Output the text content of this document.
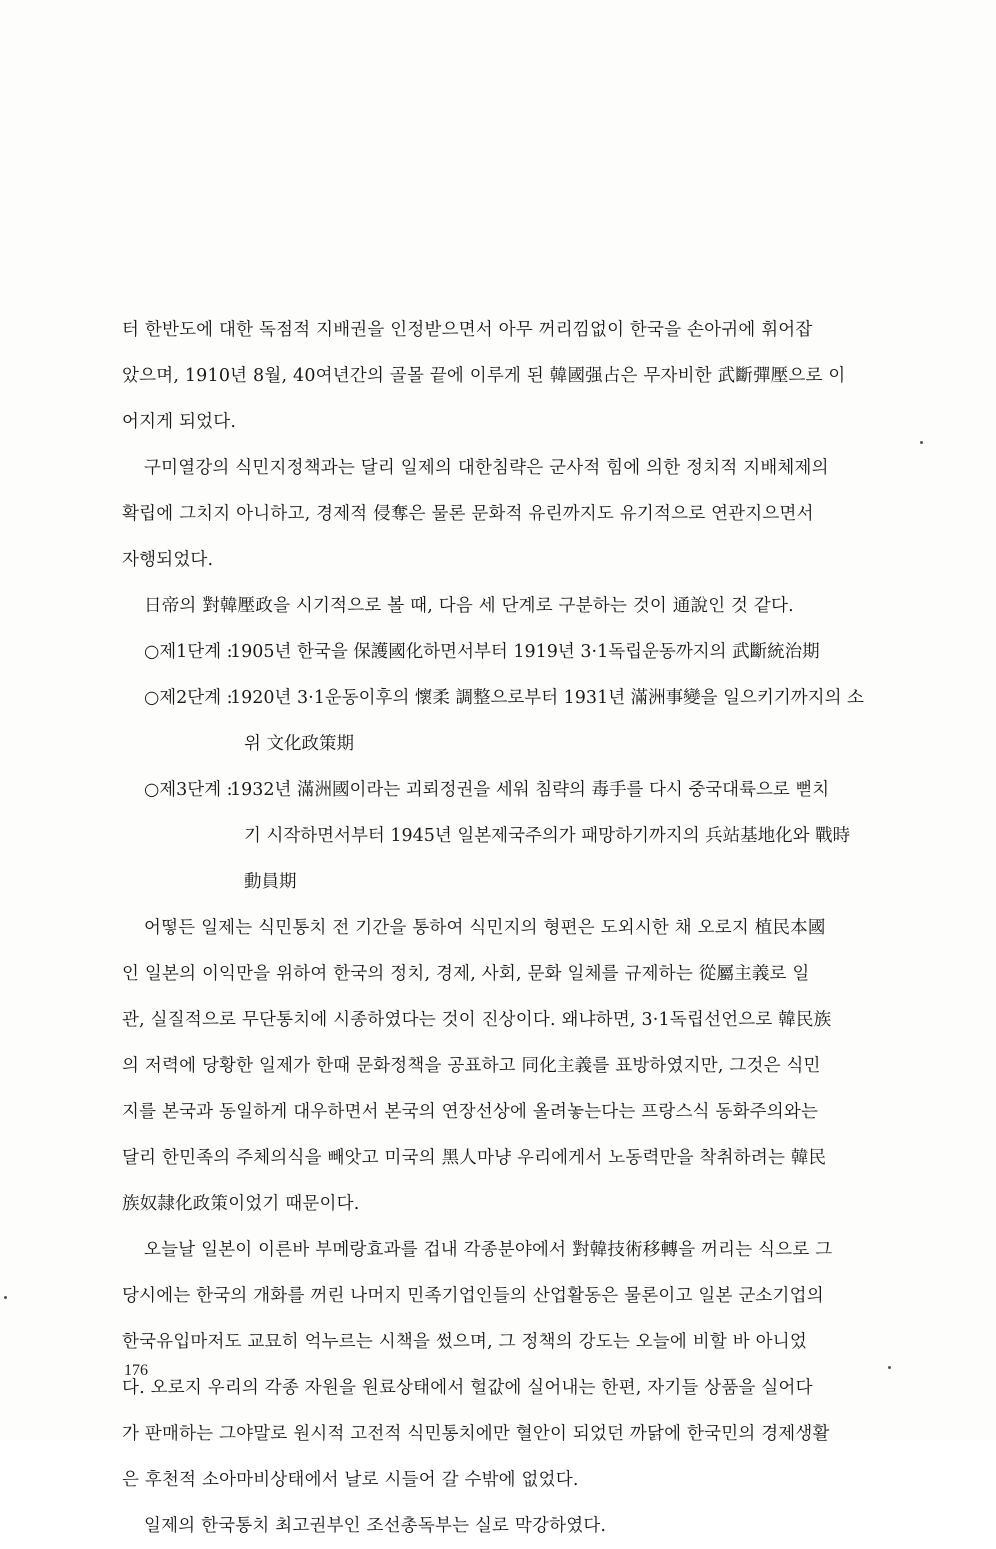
터 한반도에 대한 독점적 지배권을 인정받으면서 아무 꺼리낌없이 한국을 손아귀에 휘어잡
았으며, 1910년 8월, 40여년간의 골몰 끝에 이루게 된 韓國强占은 무자비한 武斷彈壓으로 이
어지게 되었다.
구미열강의 식민지정책과는 달리 일제의 대한침략은 군사적 힘에 의한 정치적 지배체제의
확립에 그치지 아니하고, 경제적 侵奪은 물론 문화적 유린까지도 유기적으로 연관지으면서
자행되었다.
日帝의 對韓壓政을 시기적으로 볼 때, 다음 세 단계로 구분하는 것이 通說인 것 같다.
○제1단계 :
1905년 한국을 保護國化하면서부터 1919년 3·1독립운동까지의 武斷統治期
○제2단계 :
1920년 3·1운동이후의 懷柔 調整으로부터 1931년 滿洲事變을 일으키기까지의 소
위 文化政策期
○제3단계 :
1932년 滿洲國이라는 괴뢰정권을 세워 침략의 毒手를 다시 중국대륙으로 뻗치
기 시작하면서부터 1945년 일본제국주의가 패망하기까지의 兵站基地化와 戰時
動員期
어떻든 일제는 식민통치 전 기간을 통하여 식민지의 형편은 도외시한 채 오로지 植民本國
인 일본의 이익만을 위하여 한국의 정치, 경제, 사회, 문화 일체를 규제하는 從屬主義로 일
관, 실질적으로 무단통치에 시종하였다는 것이 진상이다. 왜냐하면, 3·1독립선언으로 韓民族
의 저력에 당황한 일제가 한때 문화정책을 공표하고 同化主義를 표방하였지만, 그것은 식민
지를 본국과 동일하게 대우하면서 본국의 연장선상에 올려놓는다는 프랑스식 동화주의와는
달리 한민족의 주체의식을 빼앗고 미국의 黑人마냥 우리에게서 노동력만을 착취하려는 韓民
族奴隷化政策이었기 때문이다.
오늘날 일본이 이른바 부메랑효과를 겁내 각종분야에서 對韓技術移轉을 꺼리는 식으로 그
당시에는 한국의 개화를 꺼린 나머지 민족기업인들의 산업활동은 물론이고 일본 군소기업의
한국유입마저도 교묘히 억누르는 시책을 썼으며, 그 정책의 강도는 오늘에 비할 바 아니었
다. 오로지 우리의 각종 자원을 원료상태에서 헐값에 실어내는 한편, 자기들 상품을 실어다
가 판매하는 그야말로 원시적 고전적 식민통치에만 혈안이 되었던 까닭에 한국민의 경제생활
은 후천적 소아마비상태에서 날로 시들어 갈 수밖에 없었다.
일제의 한국통치 최고권부인 조선총독부는 실로 막강하였다.
176
